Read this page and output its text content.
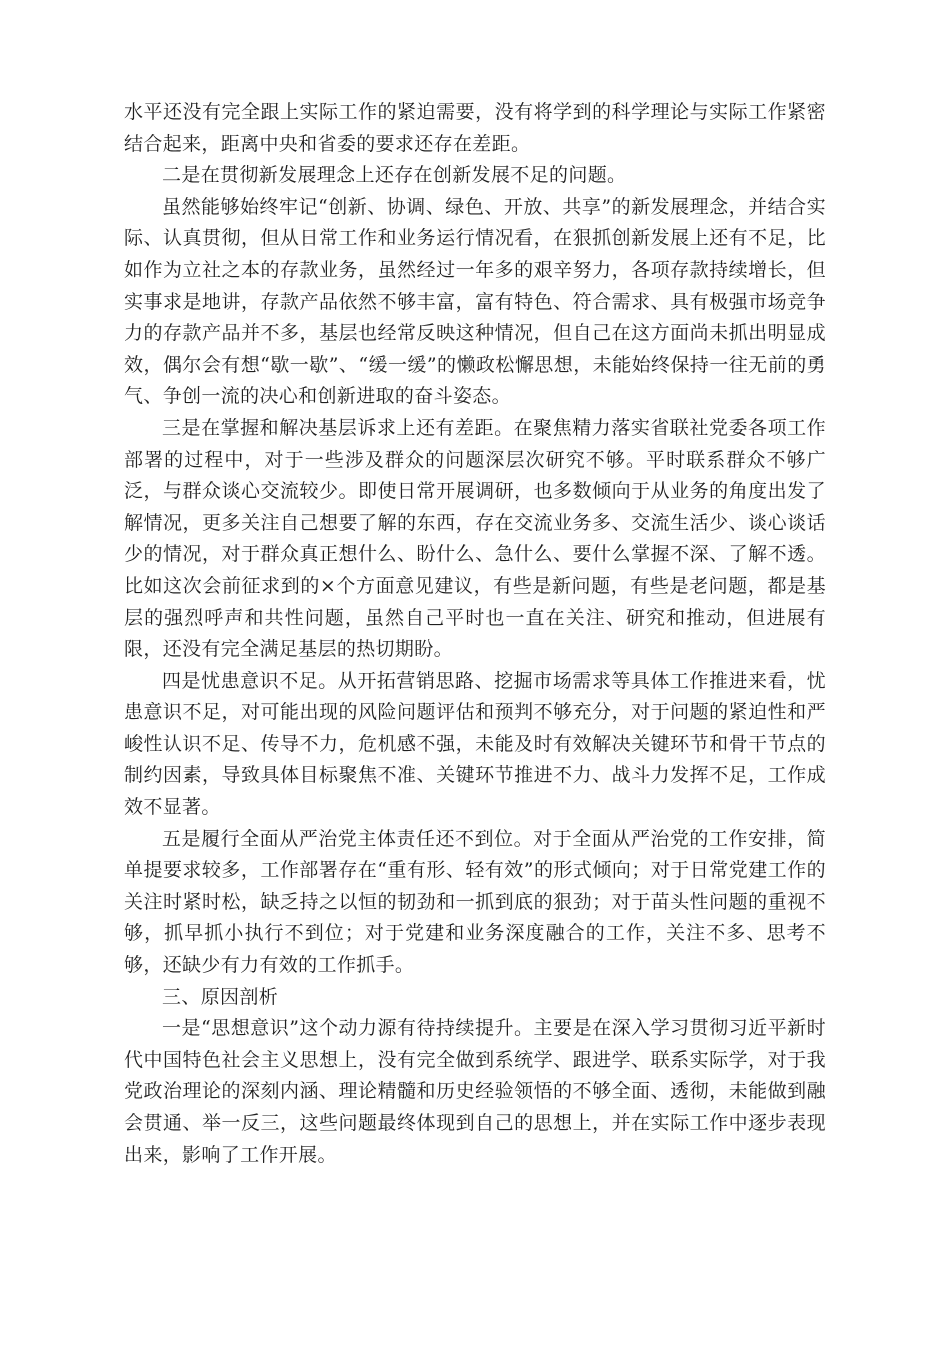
水平还没有完全跟上实际工作的紧迫需要，没有将学到的科学理论与实际工作紧密结合起来，距离中央和省委的要求还存在差距。

二是在贯彻新发展理念上还存在创新发展不足的问题。

虽然能够始终牢记“创新、协调、绿色、开放、共享”的新发展理念，并结合实际、认真贯彻，但从日常工作和业务运行情况看，在狠抓创新发展上还有不足，比如作为立社之本的存款业务，虽然经过一年多的艰辛努力，各项存款持续增长，但实事求是地讲，存款产品依然不够丰富，富有特色、符合需求、具有极强市场竞争力的存款产品并不多，基层也经常反映这种情况，但自己在这方面尚未抓出明显成效，偶尔会有想“歇一歇”、“缓一缓”的懒政松懈思想，未能始终保持一往无前的勇气、争创一流的决心和创新进取的奋斗姿态。

三是在掌握和解决基层诉求上还有差距。在聚焦精力落实省联社党委各项工作部署的过程中，对于一些涉及群众的问题深层次研究不够。平时联系群众不够广泛，与群众谈心交流较少。即使日常开展调研，也多数倾向于从业务的角度出发了解情况，更多关注自己想要了解的东西，存在交流业务多、交流生活少、谈心谈话少的情况，对于群众真正想什么、盼什么、急什么、要什么掌握不深、了解不透。比如这次会前征求到的×个方面意见建议，有些是新问题，有些是老问题，都是基层的强烈呼声和共性问题，虽然自己平时也一直在关注、研究和推动，但进展有限，还没有完全满足基层的热切期盼。

四是忧患意识不足。从开拓营销思路、挖掘市场需求等具体工作推进来看，忧患意识不足，对可能出现的风险问题评估和预判不够充分，对于问题的紧迫性和严峻性认识不足、传导不力，危机感不强，未能及时有效解决关键环节和骨干节点的制约因素，导致具体目标聚焦不准、关键环节推进不力、战斗力发挥不足，工作成效不显著。

五是履行全面从严治党主体责任还不到位。对于全面从严治党的工作安排，简单提要求较多，工作部署存在“重有形、轻有效”的形式倾向；对于日常党建工作的关注时紧时松，缺乏持之以恒的韧劲和一抓到底的狠劲；对于苗头性问题的重视不够，抓早抓小执行不到位；对于党建和业务深度融合的工作，关注不多、思考不够，还缺少有力有效的工作抓手。

三、原因剖析

一是“思想意识”这个动力源有待持续提升。主要是在深入学习贯彻习近平新时代中国特色社会主义思想上，没有完全做到系统学、跟进学、联系实际学，对于我党政治理论的深刻内涵、理论精髓和历史经验领悟的不够全面、透彻，未能做到融会贯通、举一反三，这些问题最终体现到自己的思想上，并在实际工作中逐步表现出来，影响了工作开展。
